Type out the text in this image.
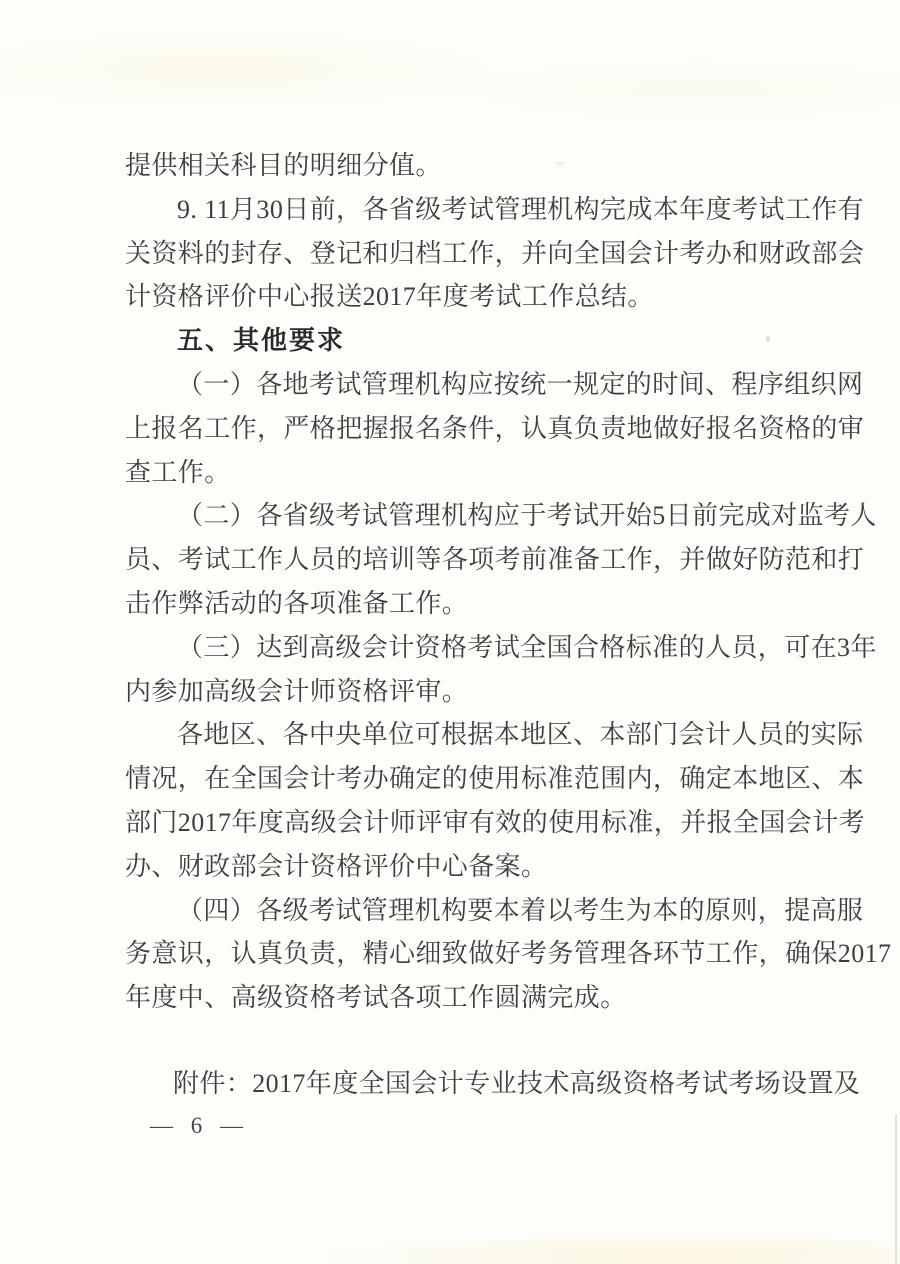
提供相关科目的明细分值。
9. 11月30日前，各省级考试管理机构完成本年度考试工作有
关资料的封存、登记和归档工作，并向全国会计考办和财政部会
计资格评价中心报送2017年度考试工作总结。
五、其他要求
（一）各地考试管理机构应按统一规定的时间、程序组织网
上报名工作，严格把握报名条件，认真负责地做好报名资格的审
查工作。
（二）各省级考试管理机构应于考试开始5日前完成对监考人
员、考试工作人员的培训等各项考前准备工作，并做好防范和打
击作弊活动的各项准备工作。
（三）达到高级会计资格考试全国合格标准的人员，可在3年
内参加高级会计师资格评审。
各地区、各中央单位可根据本地区、本部门会计人员的实际
情况，在全国会计考办确定的使用标准范围内，确定本地区、本
部门2017年度高级会计师评审有效的使用标准，并报全国会计考
办、财政部会计资格评价中心备案。
（四）各级考试管理机构要本着以考生为本的原则，提高服
务意识，认真负责，精心细致做好考务管理各环节工作，确保2017
年度中、高级资格考试各项工作圆满完成。
附件：2017年度全国会计专业技术高级资格考试考场设置及
— 6 —
